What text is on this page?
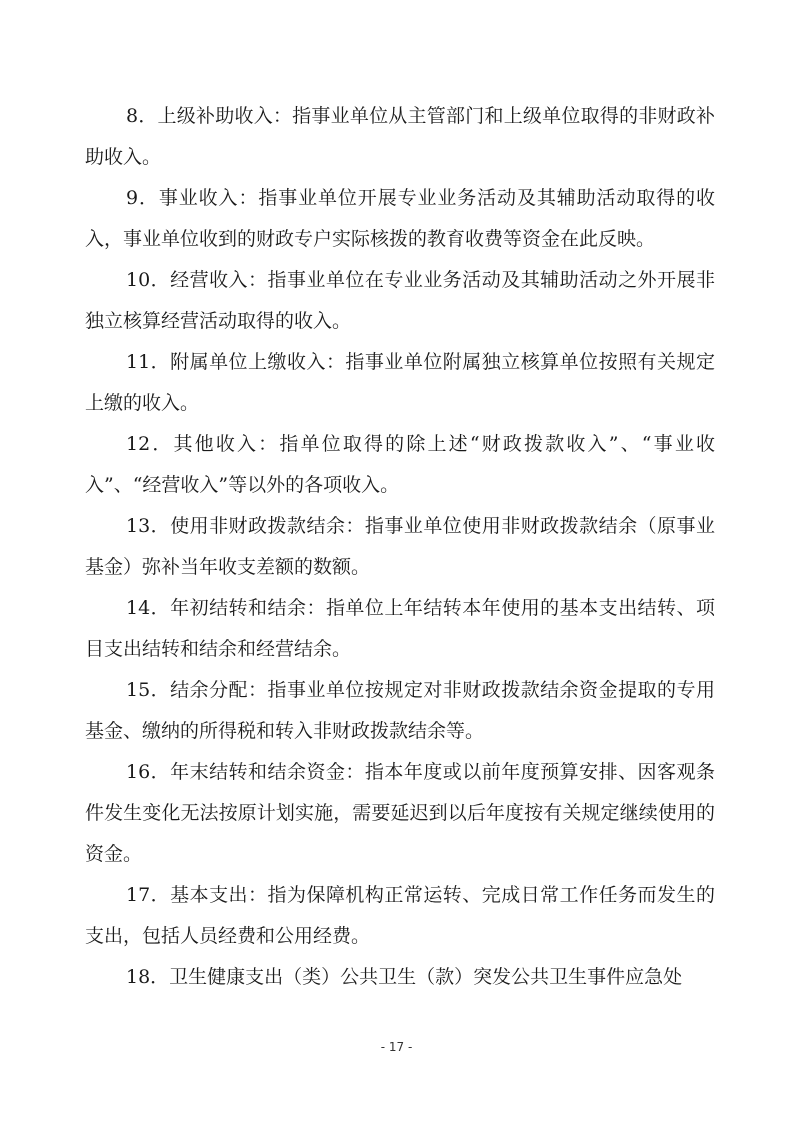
8．上级补助收入：指事业单位从主管部门和上级单位取得的非财政补助收入。

9．事业收入：指事业单位开展专业业务活动及其辅助活动取得的收入，事业单位收到的财政专户实际核拨的教育收费等资金在此反映。

10．经营收入：指事业单位在专业业务活动及其辅助活动之外开展非独立核算经营活动取得的收入。

11．附属单位上缴收入：指事业单位附属独立核算单位按照有关规定上缴的收入。

12．其他收入：指单位取得的除上述“财政拨款收入”、“事业收入”、“经营收入”等以外的各项收入。

13．使用非财政拨款结余：指事业单位使用非财政拨款结余（原事业基金）弥补当年收支差额的数额。

14．年初结转和结余：指单位上年结转本年使用的基本支出结转、项目支出结转和结余和经营结余。

15．结余分配：指事业单位按规定对非财政拨款结余资金提取的专用基金、缴纳的所得税和转入非财政拨款结余等。

16．年末结转和结余资金：指本年度或以前年度预算安排、因客观条件发生变化无法按原计划实施，需要延迟到以后年度按有关规定继续使用的资金。

17．基本支出：指为保障机构正常运转、完成日常工作任务而发生的支出，包括人员经费和公用经费。

18．卫生健康支出（类）公共卫生（款）突发公共卫生事件应急处

- 17 -
